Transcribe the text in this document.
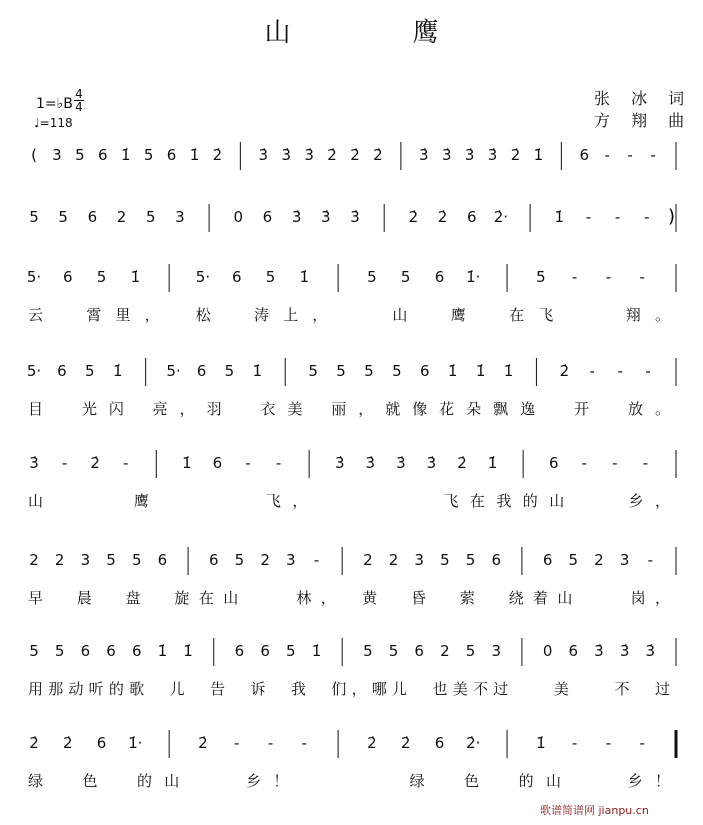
山　鹰
1=♭B
4
4
♩=118
张 冰 词
方 翔 曲
( 3 5 6 1̇ 5 6 1̇ 2̇ 3̇ 3̇ 3̇ 2̇ 2̇ 2̇ 3̇ 3̇ 3̇ 3̇ 2̇ 1̇ 6 - - -
5 5 6 2 5 3	0 6 3̇ 3̇ 3̇	2̇ 2̇ 6 2̇·	1̇ - - - )
5· 6 5 1̇	5· 6 5 1̇	5 5 6 1̇·	5 - - -
云　霄里，　松　涛上，　　山　鹰　在飞　　翔。
5· 6 5 1̇	5· 6 5 1̇	5 5 5 5 6 1̇ 1̇ 1̇	2̇ - - -
目　光闪 亮，羽　衣美 丽，就像花朵飘逸　开　放。
3̇ - 2̇ -	1̇ 6 - -	3̇ 3̇ 3̇ 3̇ 2̇ 1̇	6 - - -
山　　　鹰　　　　飞，　　　　　飞在我的山　　乡，
2 2 3 5 5 6	6 5 2 3 -	2 2 3 5 5 6	6 5 2 3 -
早　晨　盘　旋在山　　林，　黄　昏　萦　绕着山　　岗，
5 5 6 6 6 1̇ 1̇	6 6 5 1̇	5 5 6 2 5 3	0 6 3̇ 3̇ 3̇
用那动听的歌　儿　告　诉　我　们，哪儿　也美不过　　美　　不　过
2̇ 2̇ 6 1̇·	2̇ - - -	2̇ 2̇ 6 2̇·	1̇ - - -
绿　色　的山　　乡！　　　　绿　色　的山　　乡！
歌谱简谱网 jianpu.cn
